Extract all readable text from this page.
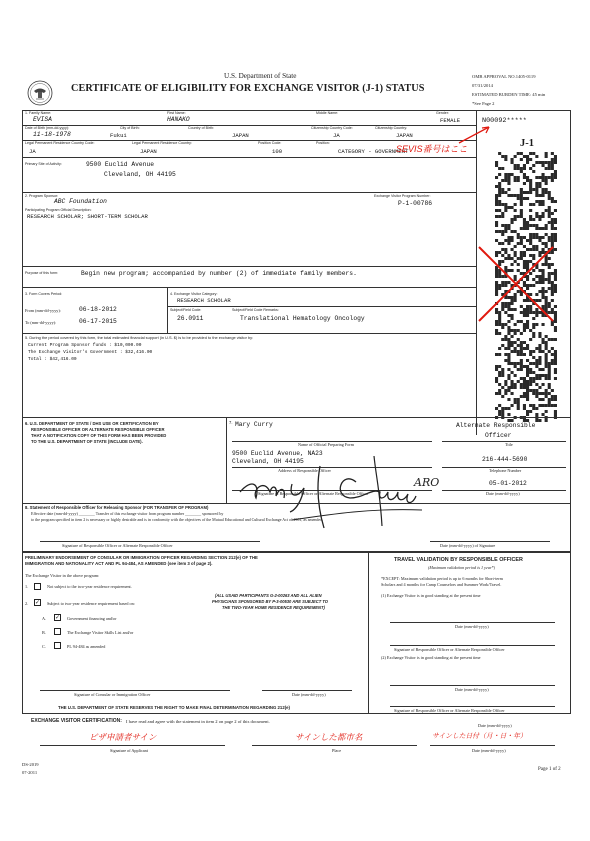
U.S. Department of State
CERTIFICATE OF ELIGIBILITY FOR EXCHANGE VISITOR (J-1) STATUS
OMB APPROVAL NO.1405-0119
07/31/2014
ESTIMATED BURDEN TIME: 45 min
*See Page 2
1. Family Name:
EVISA
First Name:
HANAKO
Middle Name:	Gender:
FEMALE
Date of Birth (mm-dd-yyyy):
11-18-1978
City of Birth:
Fukui
Country of Birth:
JAPAN
Citizenship Country Code:
JA
Citizenship Country:
JAPAN
Legal Permanent Residence Country Code:
JA
Legal Permanent Residence Country:
JAPAN
Position Code:
100
Position:
CATEGORY - GOVERNMENT
Primary Site of Activity:	9500 Euclid Avenue
Cleveland, OH 44195
N00092*****
SEVIS番号はここ	J-1
2. Program Sponsor:
ABC Foundation
Exchange Visitor Program Number:
P-1-00786
Participating Program Official Description:
RESEARCH SCHOLAR; SHORT-TERM SCHOLAR
Purpose of this form:	Begin new program; accompanied by number (2) of immediate family members.
3. Form Covers Period:
From (mm-dd-yyyy):	06-18-2012
To (mm-dd-yyyy):	06-17-2015
4. Exchange Visitor Category:
RESEARCH SCHOLAR
Subject/Field Code:
26.0911
Subject/Field Code Remarks:
Translational Hematology Oncology
5. During the period covered by this form, the total estimated financial support (in U.S. $) is to be provided to the exchange visitor by:
Current Program Sponsor funds : $10,000.00
The Exchange Visitor's Government : $32,416.00
Total : $42,416.00
6. U.S. DEPARTMENT OF STATE / DHS USE OR CERTIFICATION BY
RESPONSIBLE OFFICER OR ALTERNATE RESPONSIBLE OFFICER
THAT A NOTIFICATION COPY OF THIS FORM HAS BEEN PROVIDED
TO THE U.S. DEPARTMENT OF STATE (INCLUDE DATE).
7. Mary Curry	Alternate Responsible
Officer
Name of Official Preparing Form	Title
9500 Euclid Avenue, NA23
Cleveland, OH 44195	216-444-5690
Address of Responsible Officer	Telephone Number
05-01-2012
Signature of Responsible Officer or Alternate Responsible Officer	Date (mm-dd-yyyy)
ARO
8. Statement of Responsible Officer for Releasing Sponsor (FOR TRANSFER OF PROGRAM)
Effective date (mm-dd-yyyy) ________ Transfer of this exchange visitor from program number ________ sponsored by
to the program specified in item 2 is necessary or highly desirable and is in conformity with the objectives of the Mutual Educational and Cultural Exchange Act of 1961, as amended.
Signature of Responsible Officer or Alternate Responsible Officer	Date (mm-dd-yyyy) of Signature
PRELIMINARY ENDORSEMENT OF CONSULAR OR IMMIGRATION OFFICER REGARDING SECTION 212(e) OF THE
IMMIGRATION AND NATIONALITY ACT AND PL 94-484, AS AMENDED (see item 3 of page 2).
The Exchange Visitor in the above program:
1.	Not subject to the two-year residence requirement.
2. ✓ Subject to two-year residence requirement based on:
A. ✓ Government financing and/or
B.	The Exchange Visitor Skills List and/or
C.	PL 94-484 as amended
(ALL USAID PARTICIPANTS G-2-00263 AND ALL ALIEN
PHYSICIANS SPONSORED BY P-3-00530 ARE SUBJECT TO
THE TWO-YEAR HOME RESIDENCE REQUIREMENT)
Signature of Consular or Immigration Officer	Date (mm-dd-yyyy)
THE U.S. DEPARTMENT OF STATE RESERVES THE RIGHT TO MAKE FINAL DETERMINATION REGARDING 212(e)
TRAVEL VALIDATION BY RESPONSIBLE OFFICER
(Maximum validation period is 1 year*)
*EXCEPT: Maximum validation period is up to 6 months for Short-term
Scholars and 4 months for Camp Counselors and Summer Work/Travel.
(1) Exchange Visitor is in good standing at the present time
Date (mm-dd-yyyy)
Signature of Responsible Officer or Alternate Responsible Officer
(2) Exchange Visitor is in good standing at the present time
Date (mm-dd-yyyy)
Signature of Responsible Officer or Alternate Responsible Officer
EXCHANGE VISITOR CERTIFICATION: I have read and agree with the statement in item 2 on page 2 of this document.
ビザ申請者サイン	サインした都市名	サインした日付（月・日・年）
Date (mm-dd-yyyy)
Signature of Applicant	Place	Date (mm-dd-yyyy)
DS-2019
07-2011
Page 1 of 2
